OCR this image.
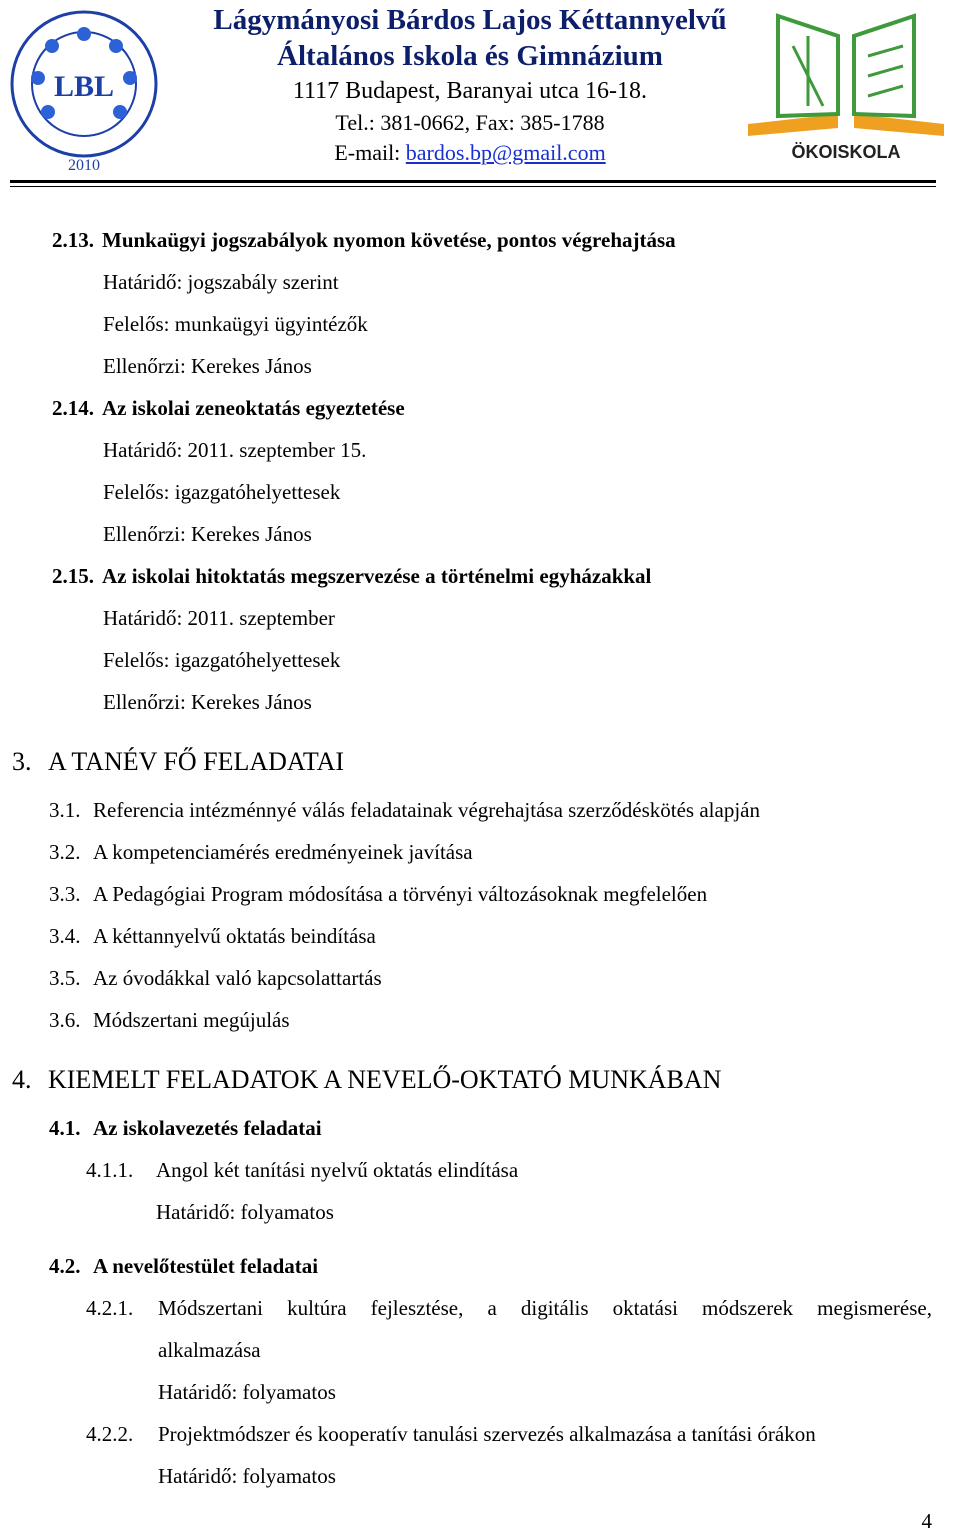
LBL
2010
Lágymányosi Bárdos Lajos Kéttannyelvű
Általános Iskola és Gimnázium
1117 Budapest, Baranyai utca 16-18.
Tel.: 381-0662, Fax: 385-1788
E-mail: bardos.bp@gmail.com	ÖKOISKOLA
2.13. Munkaügyi jogszabályok nyomon követése, pontos végrehajtása
Határidő: jogszabály szerint
Felelős: munkaügyi ügyintézők
Ellenőrzi: Kerekes János
2.14. Az iskolai zeneoktatás egyeztetése
Határidő: 2011. szeptember 15.
Felelős: igazgatóhelyettesek
Ellenőrzi: Kerekes János
2.15. Az iskolai hitoktatás megszervezése a történelmi egyházakkal
Határidő: 2011. szeptember
Felelős: igazgatóhelyettesek
Ellenőrzi: Kerekes János
3. A TANÉV FŐ FELADATAI
3.1. Referencia intézménnyé válás feladatainak végrehajtása szerződéskötés alapján
3.2. A kompetenciamérés eredményeinek javítása
3.3. A Pedagógiai Program módosítása a törvényi változásoknak megfelelően
3.4. A kéttannyelvű oktatás beindítása
3.5. Az óvodákkal való kapcsolattartás
3.6. Módszertani megújulás
4. KIEMELT FELADATOK A NEVELŐ-OKTATÓ MUNKÁBAN
4.1. Az iskolavezetés feladatai
4.1.1. Angol két tanítási nyelvű oktatás elindítása
Határidő: folyamatos
4.2. A nevelőtestület feladatai
4.2.1. Módszertani kultúra fejlesztése, a digitális oktatási módszerek megismerése,
alkalmazása
Határidő: folyamatos
4.2.2. Projektmódszer és kooperatív tanulási szervezés alkalmazása a tanítási órákon
Határidő: folyamatos
4
